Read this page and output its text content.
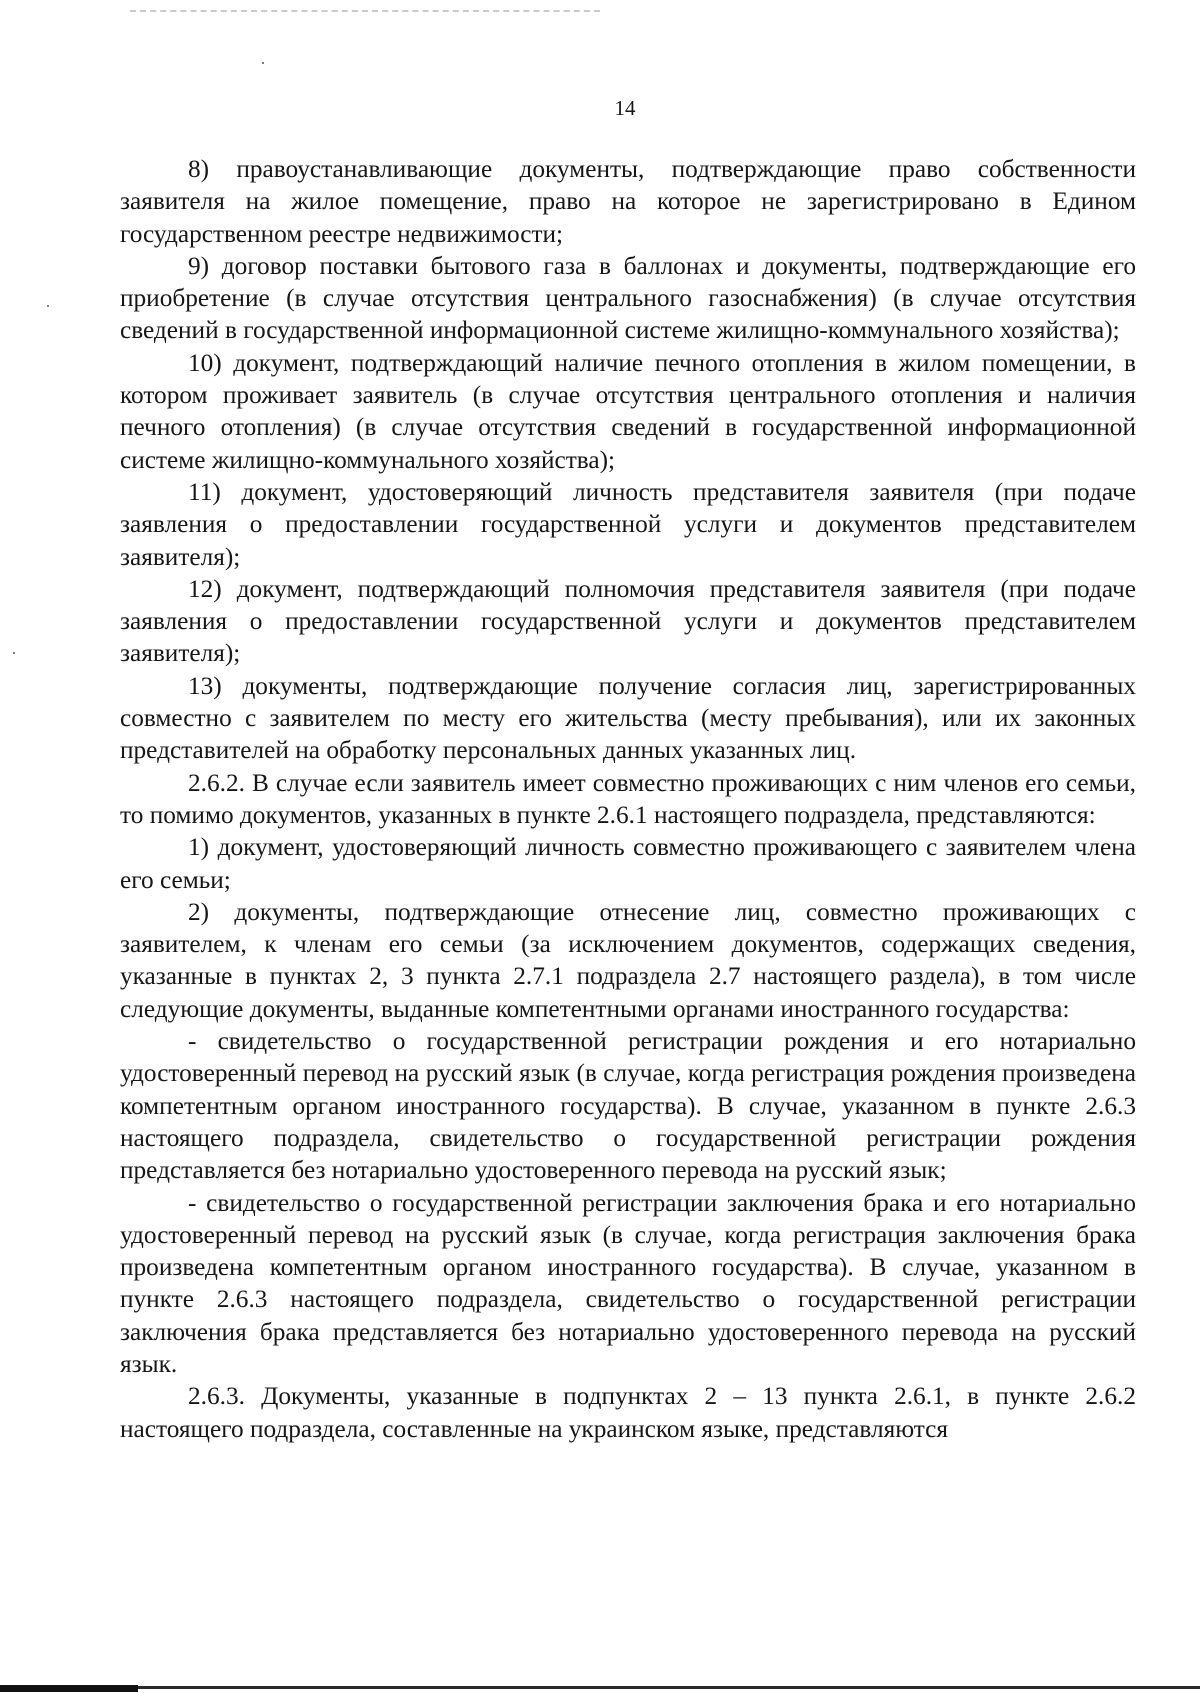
14

8) правоустанавливающие документы, подтверждающие право собственности заявителя на жилое помещение, право на которое не зарегистрировано в Едином государственном реестре недвижимости;

9) договор поставки бытового газа в баллонах и документы, подтверждающие его приобретение (в случае отсутствия центрального газоснабжения) (в случае отсутствия сведений в государственной информационной системе жилищно-коммунального хозяйства);

10) документ, подтверждающий наличие печного отопления в жилом помещении, в котором проживает заявитель (в случае отсутствия центрального отопления и наличия печного отопления) (в случае отсутствия сведений в государственной информационной системе жилищно-коммунального хозяйства);

11) документ, удостоверяющий личность представителя заявителя (при подаче заявления о предоставлении государственной услуги и документов представителем заявителя);

12) документ, подтверждающий полномочия представителя заявителя (при подаче заявления о предоставлении государственной услуги и документов представителем заявителя);

13) документы, подтверждающие получение согласия лиц, зарегистрированных совместно с заявителем по месту его жительства (месту пребывания), или их законных представителей на обработку персональных данных указанных лиц.

2.6.2. В случае если заявитель имеет совместно проживающих с ним членов его семьи, то помимо документов, указанных в пункте 2.6.1 настоящего подраздела, представляются:

1) документ, удостоверяющий личность совместно проживающего с заявителем члена его семьи;

2) документы, подтверждающие отнесение лиц, совместно проживающих с заявителем, к членам его семьи (за исключением документов, содержащих сведения, указанные в пунктах 2, 3 пункта 2.7.1 подраздела 2.7 настоящего раздела), в том числе следующие документы, выданные компетентными органами иностранного государства:

- свидетельство о государственной регистрации рождения и его нотариально удостоверенный перевод на русский язык (в случае, когда регистрация рождения произведена компетентным органом иностранного государства). В случае, указанном в пункте 2.6.3 настоящего подраздела, свидетельство о государственной регистрации рождения представляется без нотариально удостоверенного перевода на русский язык;

- свидетельство о государственной регистрации заключения брака и его нотариально удостоверенный перевод на русский язык (в случае, когда регистрация заключения брака произведена компетентным органом иностранного государства). В случае, указанном в пункте 2.6.3 настоящего подраздела, свидетельство о государственной регистрации заключения брака представляется без нотариально удостоверенного перевода на русский язык.

2.6.3. Документы, указанные в подпунктах 2 – 13 пункта 2.6.1, в пункте 2.6.2 настоящего подраздела, составленные на украинском языке, представляются
